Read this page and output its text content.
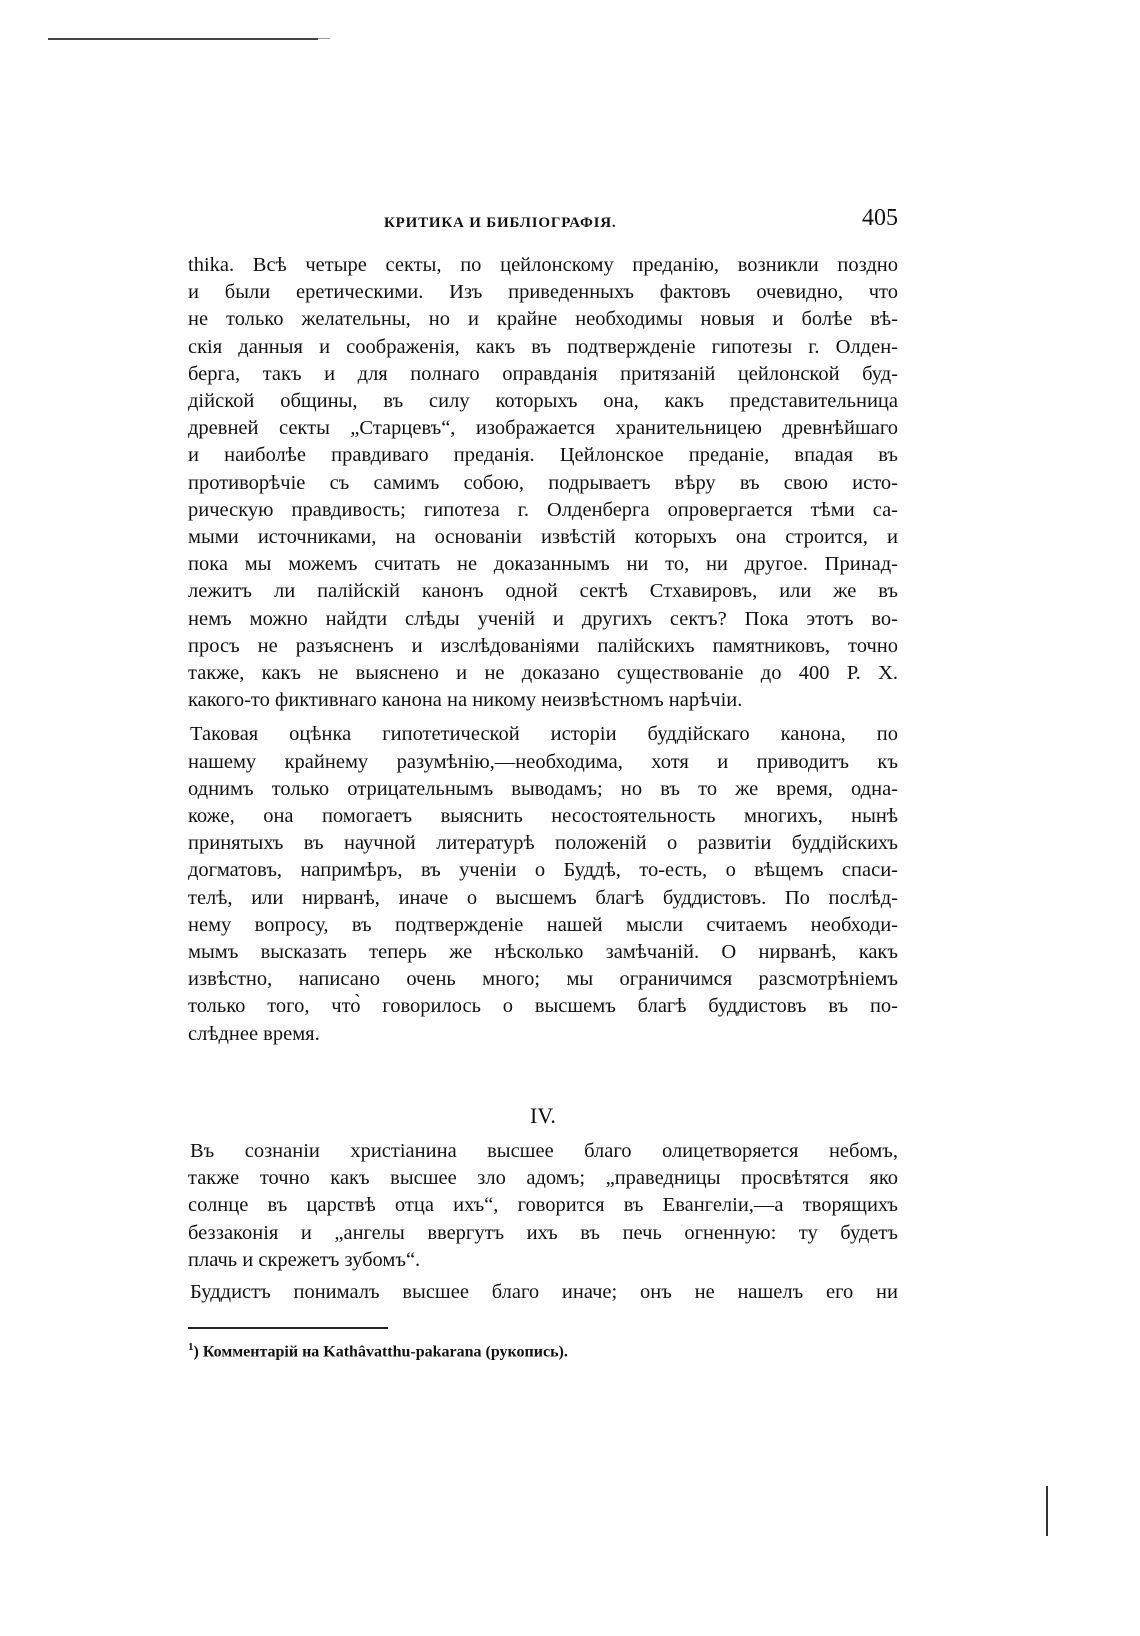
КРИТИКА И БИБЛІОГРАФІЯ.	405

thika. Всѣ четыре секты, по цейлонскому преданію, возникли поздно
и были еретическими. Изъ приведенныхъ фактовъ очевидно, что
не только желательны, но и крайне необходимы новыя и болѣе вѣ-
скія данныя и соображенія, какъ въ подтвержденіе гипотезы г. Олден-
берга, такъ и для полнаго оправданія притязаній цейлонской буд-
дійской общины, въ силу которыхъ она, какъ представительница
древней секты „Старцевъ“, изображается хранительницею древнѣйшаго
и наиболѣе правдиваго преданія. Цейлонское преданіе, впадая въ
противорѣчіе съ самимъ собою, подрываетъ вѣру въ свою исто-
рическую правдивость; гипотеза г. Олденберга опровергается тѣми са-
мыми источниками, на основаніи извѣстій которыхъ она строится, и
пока мы можемъ считать не доказаннымъ ни то, ни другое. Принад-
лежитъ ли палійскій канонъ одной сектѣ Стхавировъ, или же въ
немъ можно найдти слѣды ученій и другихъ сектъ? Пока этотъ во-
просъ не разъясненъ и изслѣдованіями палійскихъ памятниковъ, точно
также, какъ не выяснено и не доказано существованіе до 400 Р. Х.
какого-то фиктивнаго канона на никому неизвѣстномъ нарѣчіи.

Таковая оцѣнка гипотетической исторіи буддійскаго канона, по
нашему крайнему разумѣнію,—необходима, хотя и приводитъ къ
однимъ только отрицательнымъ выводамъ; но въ то же время, одна-
коже, она помогаетъ выяснить несостоятельность многихъ, нынѣ
принятыхъ въ научной литературѣ положеній о развитіи буддійскихъ
догматовъ, напримѣръ, въ ученіи о Буддѣ, то-есть, о вѣщемъ спаси-
телѣ, или нирванѣ, иначе о высшемъ благѣ буддистовъ. По послѣд-
нему вопросу, въ подтвержденіе нашей мысли считаемъ необходи-
мымъ высказать теперь же нѣсколько замѣчаній. О нирванѣ, какъ
извѣстно, написано очень много; мы ограничимся разсмотрѣніемъ
только того, что̀ говорилось о высшемъ благѣ буддистовъ въ по-
слѣднее время.

IV.

Въ сознаніи христіанина высшее благо олицетворяется небомъ,
также точно какъ высшее зло адомъ; „праведницы просвѣтятся яко
солнце въ царствѣ отца ихъ“, говорится въ Евангеліи,—а творящихъ
беззаконія и „ангелы ввергутъ ихъ въ печь огненную: ту будетъ
плачь и скрежетъ зубомъ“.

Буддистъ понималъ высшее благо иначе; онъ не нашелъ его ни

$^1$) Комментарій на Kathâvatthu-pakarana (рукопись).
